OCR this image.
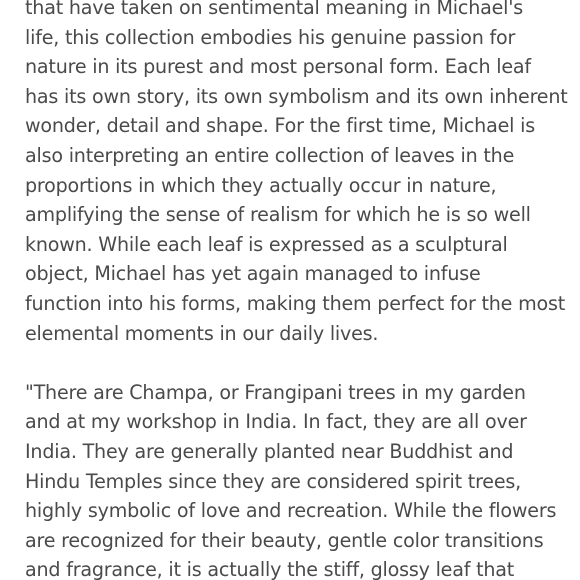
that have taken on sentimental meaning in Michael's
life, this collection embodies his genuine passion for
nature in its purest and most personal form. Each leaf
has its own story, its own symbolism and its own inherent
wonder, detail and shape. For the first time, Michael is
also interpreting an entire collection of leaves in the
proportions in which they actually occur in nature,
amplifying the sense of realism for which he is so well
known. While each leaf is expressed as a sculptural
object, Michael has yet again managed to infuse
function into his forms, making them perfect for the most
elemental moments in our daily lives.

"There are Champa, or Frangipani trees in my garden
and at my workshop in India. In fact, they are all over
India. They are generally planted near Buddhist and
Hindu Temples since they are considered spirit trees,
highly symbolic of love and recreation. While the flowers
are recognized for their beauty, gentle color transitions
and fragrance, it is actually the stiff, glossy leaf that
